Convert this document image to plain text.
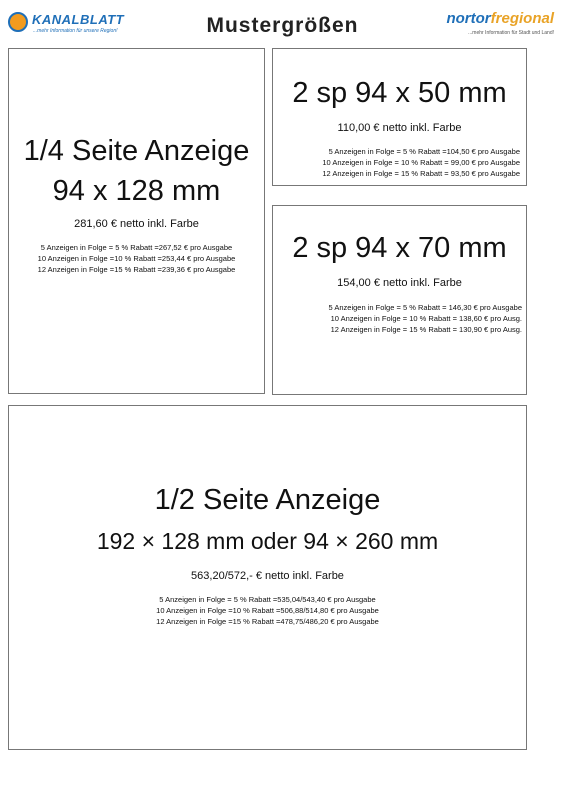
KANALBLATT
...mehr Information für unsere Region!	Mustergrößen	nortorfregional
...mehr Information für Stadt und Land!
1/4 Seite Anzeige
94 x 128 mm
281,60 € netto inkl. Farbe
5 Anzeigen in Folge = 5 % Rabatt =267,52 € pro Ausgabe
10 Anzeigen in Folge =10 % Rabatt =253,44 € pro Ausgabe
12 Anzeigen in Folge =15 % Rabatt =239,36 € pro Ausgabe
2 sp 94 x 50 mm
110,00 € netto inkl. Farbe
5 Anzeigen in Folge = 5 % Rabatt =104,50 € pro Ausgabe
10 Anzeigen in Folge = 10 % Rabatt = 99,00 € pro Ausgabe
12 Anzeigen in Folge = 15 % Rabatt = 93,50 € pro Ausgabe
2 sp 94 x 70 mm
154,00 € netto inkl. Farbe
5 Anzeigen in Folge = 5 % Rabatt = 146,30 € pro Ausgabe
10 Anzeigen in Folge = 10 % Rabatt = 138,60 € pro Ausg.
12 Anzeigen in Folge = 15 % Rabatt = 130,90 € pro Ausg.
1/2 Seite Anzeige
192 × 128 mm oder 94 × 260 mm
563,20/572,- € netto inkl. Farbe
5 Anzeigen in Folge = 5 % Rabatt =535,04/543,40 € pro Ausgabe
10 Anzeigen in Folge =10 % Rabatt =506,88/514,80 € pro Ausgabe
12 Anzeigen in Folge =15 % Rabatt =478,75/486,20 € pro Ausgabe
